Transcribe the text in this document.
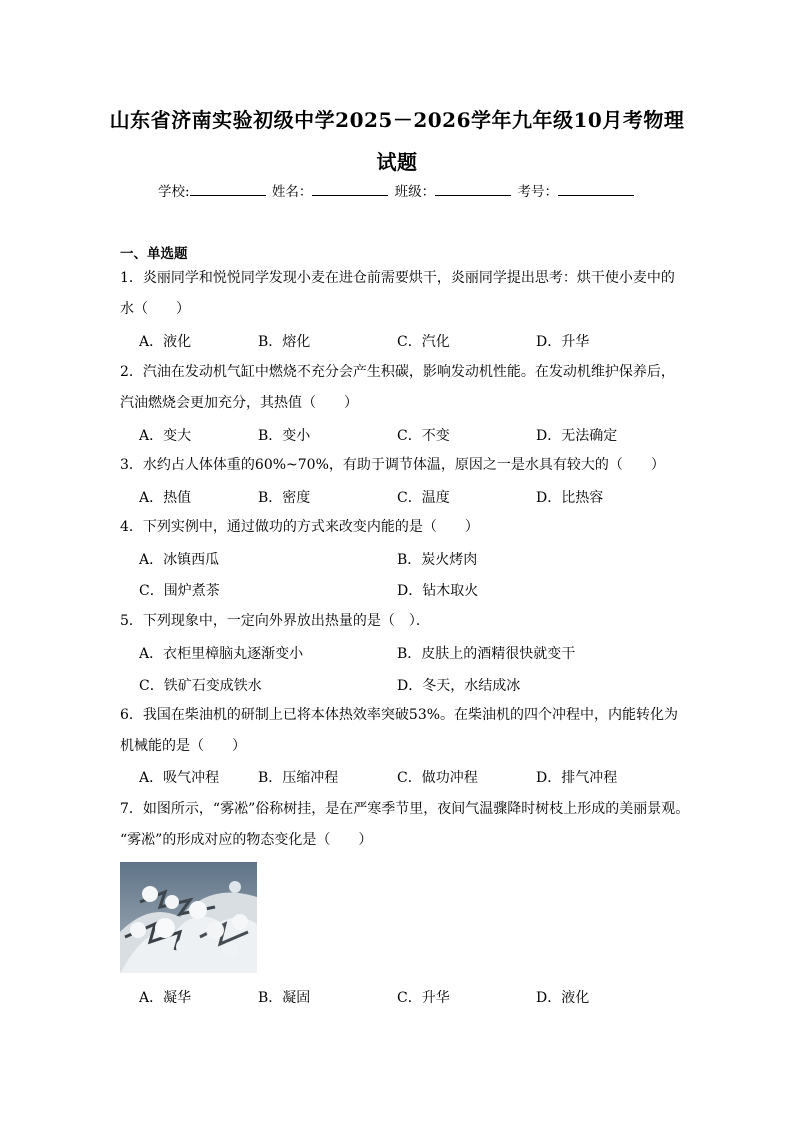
山东省济南实验初级中学2025－2026学年九年级10月考物理
试题
学校:	姓名：	班级：	考号：
一、单选题
1．炎丽同学和悦悦同学发现小麦在进仓前需要烘干，炎丽同学提出思考：烘干使小麦中的
水（　　）
A．液化	B．熔化	C．汽化	D．升华
2．汽油在发动机气缸中燃烧不充分会产生积碳，影响发动机性能。在发动机维护保养后，
汽油燃烧会更加充分，其热值（　　）
A．变大	B．变小	C．不变	D．无法确定
3．水约占人体体重的60%~70%，有助于调节体温，原因之一是水具有较大的（　　）
A．热值	B．密度	C．温度	D．比热容
4．下列实例中，通过做功的方式来改变内能的是（　　）
A．冰镇西瓜	B．炭火烤肉
C．围炉煮茶	D．钻木取火
5．下列现象中，一定向外界放出热量的是（　）．
A．衣柜里樟脑丸逐渐变小	B．皮肤上的酒精很快就变干
C．铁矿石变成铁水	D．冬天，水结成冰
6．我国在柴油机的研制上已将本体热效率突破53%。在柴油机的四个冲程中，内能转化为
机械能的是（　　）
A．吸气冲程	B．压缩冲程	C．做功冲程	D．排气冲程
7．如图所示，“雾凇”俗称树挂，是在严寒季节里，夜间气温骤降时树枝上形成的美丽景观。
“雾凇”的形成对应的物态变化是（　　）
A．凝华	B．凝固	C．升华	D．液化
